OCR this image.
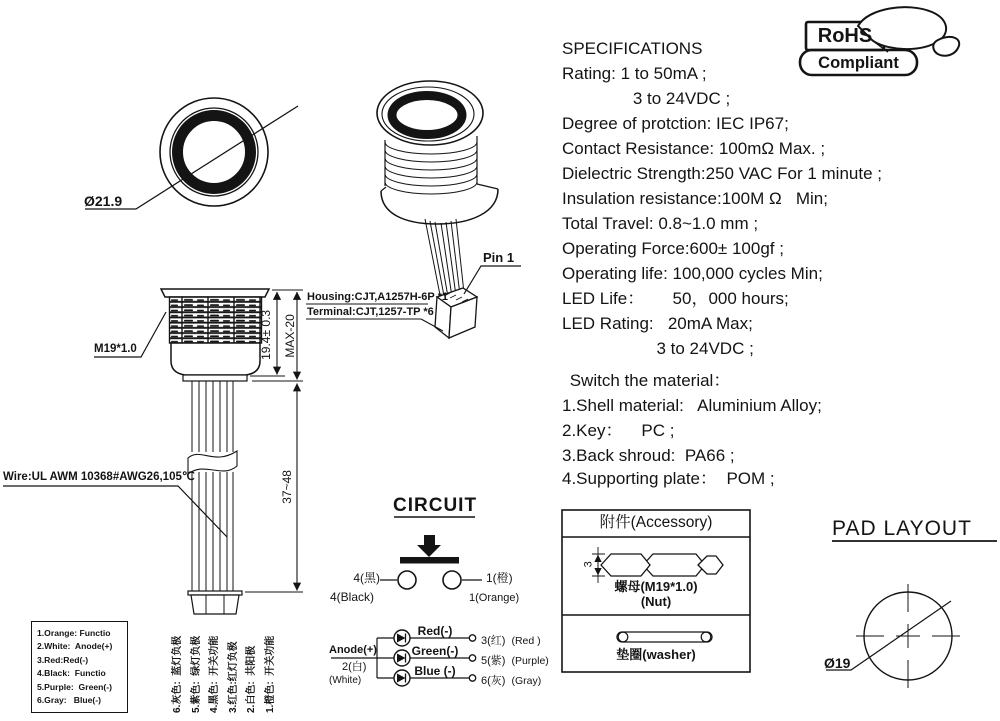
RoHS
Compliant
SPECIFICATIONS
Rating: 1 to 50mA ;
3 to 24VDC ;
Degree of protction: IEC IP67;
Contact Resistance: 100mΩ Max. ;
Dielectric Strength:250 VAC For 1 minute ;
Insulation resistance:100M Ω   Min;
Total Travel: 0.8~1.0 mm ;
Operating Force:600± 100gf ;
Operating life: 100,000 cycles Min;
LED Life：      50，000 hours;
LED Rating:   20mA Max;
3 to 24VDC ;
Switch the material：
1.Shell material:   Aluminium Alloy;
2.Key：    PC ;
3.Back shroud:  PA66 ;
4.Supporting plate：  POM ;
Ø21.9
Pin 1
Housing:CJT,A1257H-6P *1
Terminal:CJT,1257-TP *6
M19*1.0
Wire:UL AWM 10368#AWG26,105℃
19.4± 0.3 MAX-20
37~48
1.Orange: Functio
2.White:  Anode(+)
3.Red:Red(-)
4.Black:  Functio
5.Purple:  Green(-)
6.Gray:   Blue(-)	6.灰色:  蓝灯负极 5.紫色:  绿灯负极 4.黑色:  开关功能 3.红色:红灯负极 2.白色:  共阳极 1.橙色:  开关功能
CIRCUIT
4(黑)	1(橙)
4(Black)	1(Orange)
Anode(+)
2(白)
(White)
Red(-)
Green(-)
Blue (-)
3(红) (Red )
5(紫) (Purple)
6(灰) (Gray)
附件(Accessory)
3
螺母(M19*1.0)
(Nut)
垫圈(washer)
PAD LAYOUT
Ø19
